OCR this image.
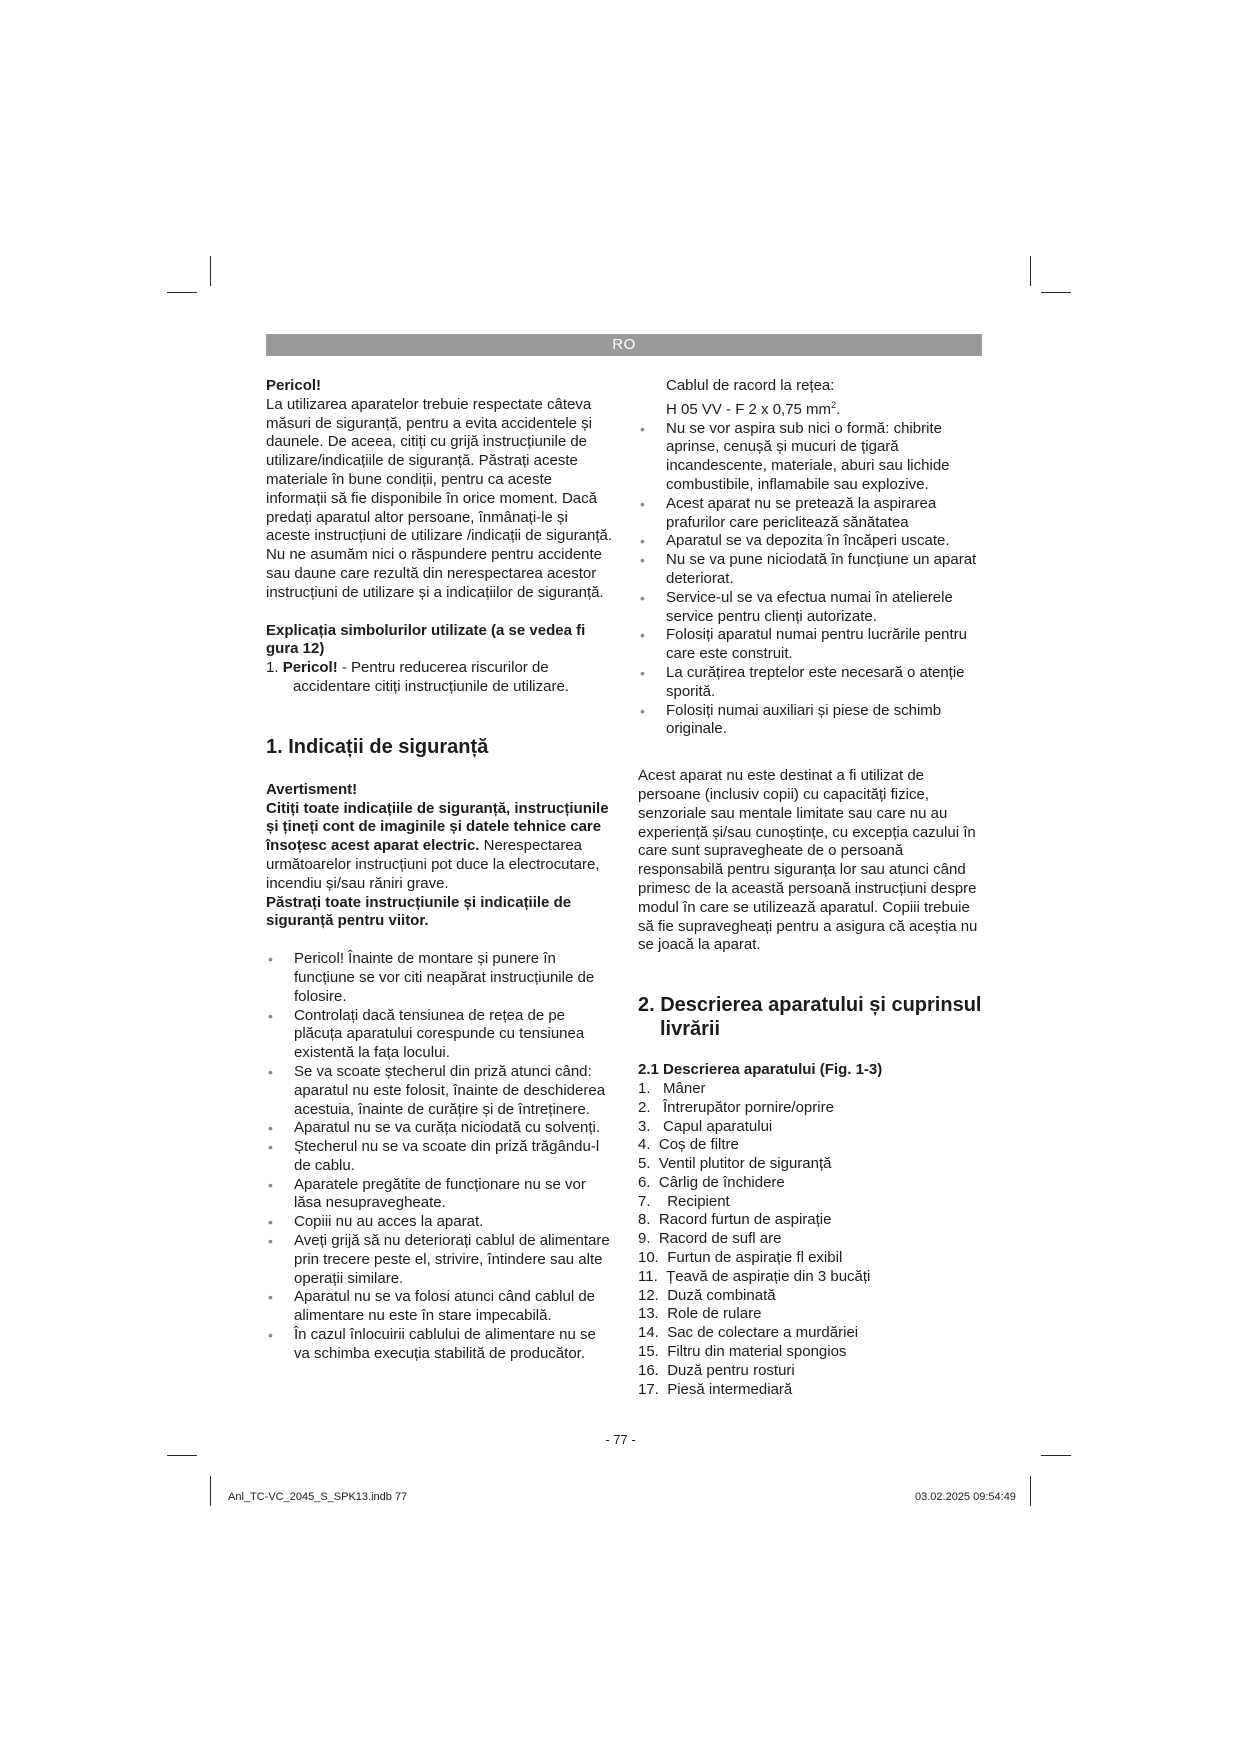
RO

Pericol!

La utilizarea aparatelor trebuie respectate câteva măsuri de siguranță, pentru a evita accidentele și daunele. De aceea, citiți cu grijă instrucțiunile de utilizare/indicațiile de siguranță. Păstrați aceste materiale în bune condiții, pentru ca aceste informații să fie disponibile în orice moment. Dacă predați aparatul altor persoane, înmânați-le și aceste instrucțiuni de utilizare /indicații de siguranță. Nu ne asumăm nici o răspundere pentru accidente sau daune care rezultă din nerespectarea acestor instrucțiuni de utilizare și a indicațiilor de siguranță.

Explicația simbolurilor utilizate (a se vedea fi gura 12)

1. Pericol! - Pentru reducerea riscurilor de accidentare citiți instrucțiunile de utilizare.

1. Indicații de siguranță

Avertisment!

Citiți toate indicațiile de siguranță, instrucțiunile și țineți cont de imaginile și datele tehnice care însoțesc acest aparat electric. Nerespectarea următoarelor instrucțiuni pot duce la electrocutare, incendiu și/sau răniri grave.

Păstrați toate instrucțiunile și indicațiile de siguranță pentru viitor.

• Pericol! Înainte de montare și punere în funcțiune se vor citi neapărat instrucțiunile de folosire.
• Controlați dacă tensiunea de rețea de pe plăcuța aparatului corespunde cu tensiunea existentă la fața locului.
• Se va scoate ștecherul din priză atunci când: aparatul nu este folosit, înainte de deschiderea acestuia, înainte de curățire și de întreținere.
• Aparatul nu se va curăța niciodată cu solvenți.
• Ștecherul nu se va scoate din priză trăgându-l de cablu.
• Aparatele pregătite de funcționare nu se vor lăsa nesupravegheate.
• Copiii nu au acces la aparat.
• Aveți grijă să nu deteriorați cablul de alimentare prin trecere peste el, strivire, întindere sau alte operații similare.
• Aparatul nu se va folosi atunci când cablul de alimentare nu este în stare impecabilă.
• În cazul înlocuirii cablului de alimentare nu se va schimba execuția stabilită de producător.

Cablul de racord la rețea:

H 05 VV - F 2 x 0,75 $mm^2$.

• Nu se vor aspira sub nici o formă: chibrite aprinse, cenușă și mucuri de țigară incandescente, materiale, aburi sau lichide combustibile, inflamabile sau explozive.
• Acest aparat nu se pretează la aspirarea prafurilor care periclitează sănătatea
• Aparatul se va depozita în încăperi uscate.
• Nu se va pune niciodată în funcțiune un aparat deteriorat.
• Service-ul se va efectua numai în atelierele service pentru clienți autorizate.
• Folosiți aparatul numai pentru lucrările pentru care este construit.
• La curățirea treptelor este necesară o atenție sporită.
• Folosiți numai auxiliari și piese de schimb originale.

Acest aparat nu este destinat a fi utilizat de persoane (inclusiv copii) cu capacități fizice, senzoriale sau mentale limitate sau care nu au experiență și/sau cunoștințe, cu excepția cazului în care sunt supravegheate de o persoană responsabilă pentru siguranța lor sau atunci când primesc de la această persoană instrucțiuni despre modul în care se utilizează aparatul. Copiii trebuie să fie supravegheați pentru a asigura că aceștia nu se joacă la aparat.

2. Descrierea aparatului și cuprinsul livrării

2.1 Descrierea aparatului (Fig. 1-3)

1. Mâner
2. Întrerupător pornire/oprire
3. Capul aparatului
4. Coș de filtre
5. Ventil plutitor de siguranță
6. Cârlig de închidere
7. Recipient
8. Racord furtun de aspirație
9. Racord de sufl are
10. Furtun de aspirație fl exibil
11. Țeavă de aspirație din 3 bucăți
12. Duză combinată
13. Role de rulare
14. Sac de colectare a murdăriei
15. Filtru din material spongios
16. Duză pentru rosturi
17. Piesă intermediară
- 77 -
Anl_TC-VC_2045_S_SPK13.indb 77	03.02.2025 09:54:49
